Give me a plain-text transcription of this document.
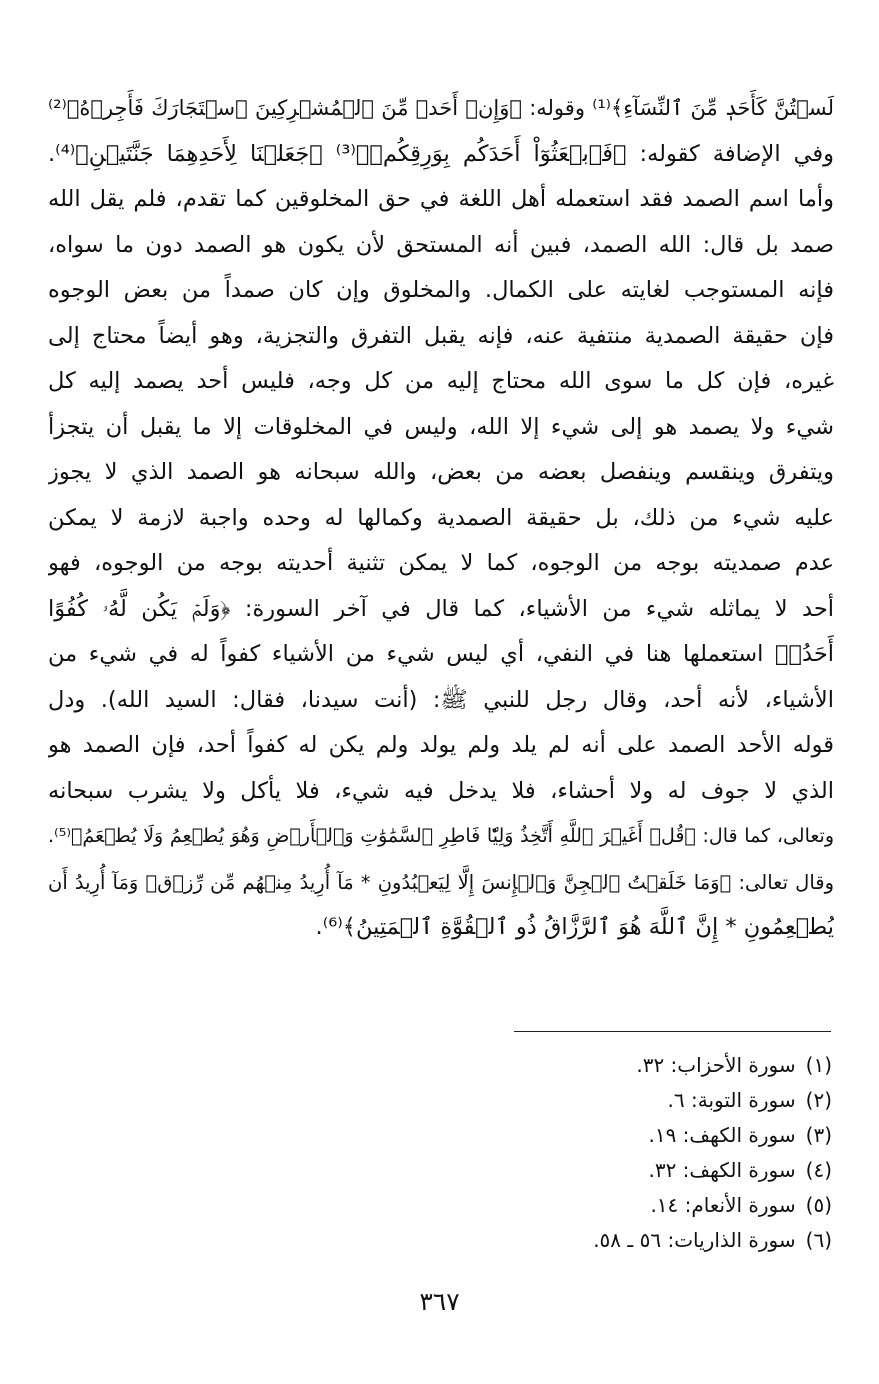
لَسۡتُنَّ كَأَحَدٖ مِّنَ ٱلنِّسَآءِ﴾⁽¹⁾ وقوله: ﴿وَإِنۡ أَحَدٞ مِّنَ ٱلۡمُشۡرِكِينَ ٱسۡتَجَارَكَ فَأَجِرۡهُ﴾⁽²⁾
وفي الإضافة كقوله: ﴿فَٱبۡعَثُوٓاْ أَحَدَكُم بِوَرِقِكُمۡ﴾⁽³⁾ ﴿جَعَلۡنَا لِأَحَدِهِمَا جَنَّتَيۡنِ﴾⁽⁴⁾.
وأما اسم الصمد فقد استعمله أهل اللغة في حق المخلوقين كما تقدم، فلم يقل الله
صمد بل قال: الله الصمد، فبين أنه المستحق لأن يكون هو الصمد دون ما سواه،
فإنه المستوجب لغايته على الكمال. والمخلوق وإن كان صمداً من بعض الوجوه
فإن حقيقة الصمدية منتفية عنه، فإنه يقبل التفرق والتجزية، وهو أيضاً محتاج إلى
غيره، فإن كل ما سوى الله محتاج إليه من كل وجه، فليس أحد يصمد إليه كل
شيء ولا يصمد هو إلى شيء إلا الله، وليس في المخلوقات إلا ما يقبل أن يتجزأ
ويتفرق وينقسم وينفصل بعضه من بعض، والله سبحانه هو الصمد الذي لا يجوز
عليه شيء من ذلك، بل حقيقة الصمدية وكمالها له وحده واجبة لازمة لا يمكن
عدم صمديته بوجه من الوجوه، كما لا يمكن تثنية أحديته بوجه من الوجوه، فهو
أحد لا يماثله شيء من الأشياء، كما قال في آخر السورة: ﴿وَلَمۡ يَكُن لَّهُۥ كُفُوًا
أَحَدُۢ﴾ استعملها هنا في النفي، أي ليس شيء من الأشياء كفواً له في شيء من
الأشياء، لأنه أحد، وقال رجل للنبي ﷺ: (أنت سيدنا، فقال: السيد الله). ودل
قوله الأحد الصمد على أنه لم يلد ولم يولد ولم يكن له كفواً أحد، فإن الصمد هو
الذي لا جوف له ولا أحشاء، فلا يدخل فيه شيء، فلا يأكل ولا يشرب سبحانه
وتعالى، كما قال: ﴿قُلۡ أَغَيۡرَ ٱللَّهِ أَتَّخِذُ وَلِيّٗا فَاطِرِ ٱلسَّمَٰوَٰتِ وَٱلۡأَرۡضِ وَهُوَ يُطۡعِمُ وَلَا يُطۡعَمُ﴾⁽⁵⁾.
وقال تعالى: ﴿وَمَا خَلَقۡتُ ٱلۡجِنَّ وَٱلۡإِنسَ إِلَّا لِيَعۡبُدُونِ * مَآ أُرِيدُ مِنۡهُم مِّن رِّزۡقٖ وَمَآ أُرِيدُ أَن
يُطۡعِمُونِ * إِنَّ ٱللَّهَ هُوَ ٱلرَّزَّاقُ ذُو ٱلۡقُوَّةِ ٱلۡمَتِينُ﴾⁽⁶⁾.
(١)سورة الأحزاب: ٣٢.
(٢)سورة التوبة: ٦.
(٣)سورة الكهف: ١٩.
(٤)سورة الكهف: ٣٢.
(٥)سورة الأنعام: ١٤.
(٦)سورة الذاريات: ٥٦ ـ ٥٨.
٣٦٧
